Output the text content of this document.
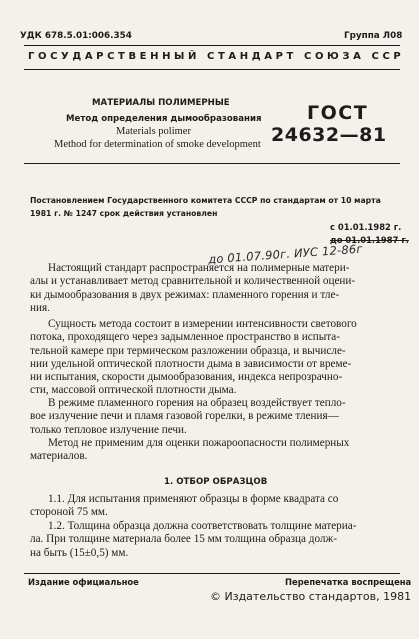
УДК 678.5.01:006.354	Группа Л08
ГОСУДАРСТВЕННЫЙ СТАНДАРТ СОЮЗА ССР
МАТЕРИАЛЫ ПОЛИМЕРНЫЕ
Метод определения дымообразования
Materials polimer
Method for determination of smoke development
ГОСТ
24632—81
Постановлением Государственного комитета СССР по стандартам от 10 марта
1981 г. № 1247 срок действия установлен
с 01.01.1982 г.
до 01.01.1987 г.
до 01.07.90г. ИУС 12-86г
Настоящий стандарт распространяется на полимерные матери-
алы и устанавливает метод сравнительной и количественной оцени-
ки дымообразования в двух режимах: пламенного горения и тле-
ния.
Сущность метода состоит в измерении интенсивности светового
потока, проходящего через задымленное пространство в испыта-
тельной камере при термическом разложении образца, и вычисле-
нии удельной оптической плотности дыма в зависимости от време-
ни испытания, скорости дымообразования, индекса непрозрачно-
сти, массовой оптической плотности дыма.
В режиме пламенного горения на образец воздействует тепло-
вое излучение печи и пламя газовой горелки, в режиме тления—
только тепловое излучение печи.
Метод не применим для оценки пожароопасности полимерных
материалов.
1. ОТБОР ОБРАЗЦОВ
1.1. Для испытания применяют образцы в форме квадрата со
стороной 75 мм.
1.2. Толщина образца должна соответствовать толщине материа-
ла. При толщине материала более 15 мм толщина образца долж-
на быть (15±0,5) мм.
Издание официальное	Перепечатка воспрещена
© Издательство стандартов, 1981
